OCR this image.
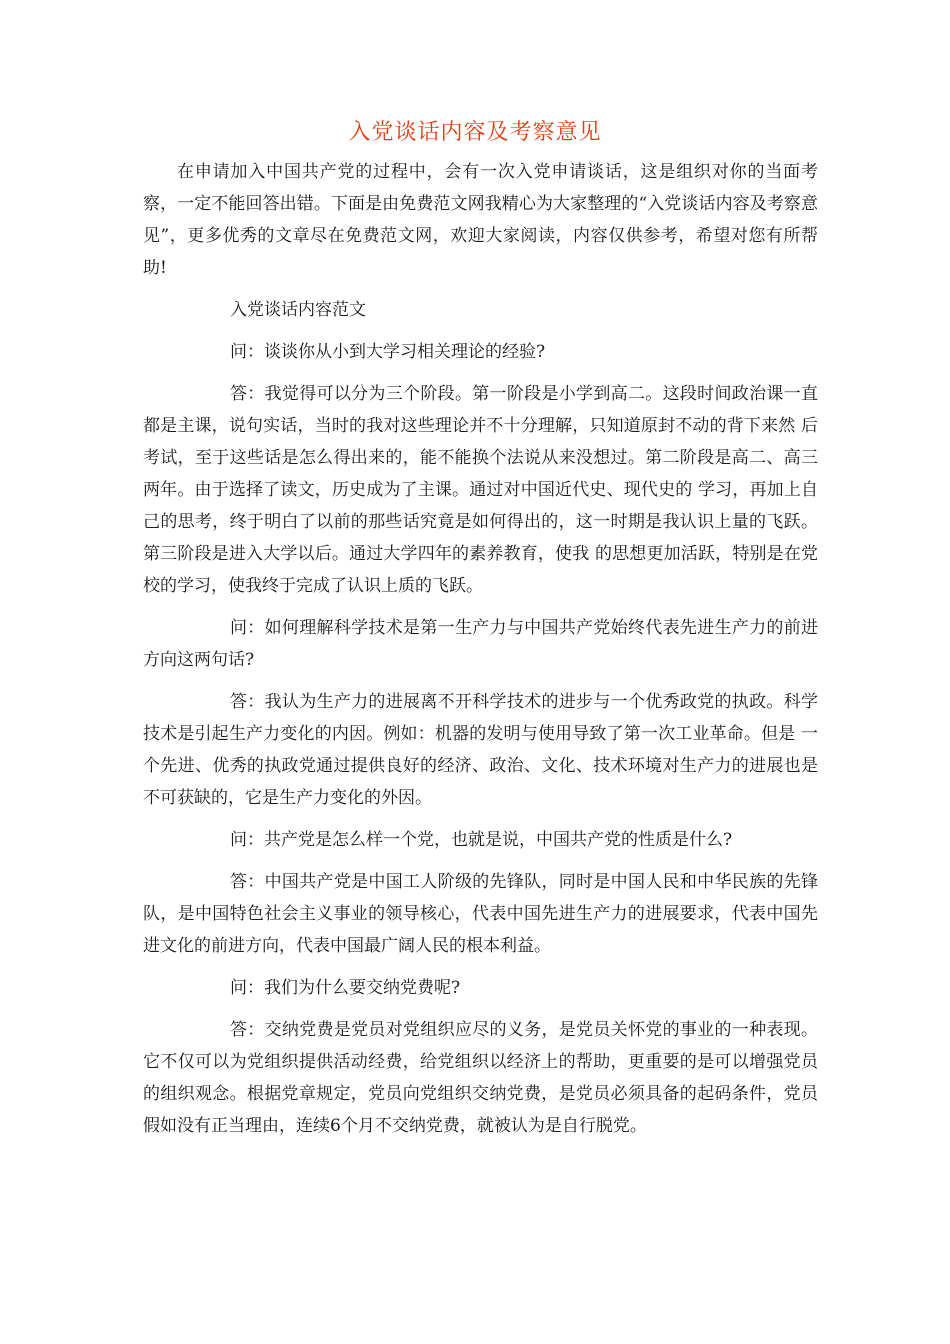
入党谈话内容及考察意见

在申请加入中国共产党的过程中，会有一次入党申请谈话，这是组织对你的当面考察，一定不能回答出错。下面是由免费范文网我精心为大家整理的“入党谈话内容及考察意见”，更多优秀的文章尽在免费范文网，欢迎大家阅读，内容仅供参考，希望对您有所帮助!

入党谈话内容范文

问：谈谈你从小到大学习相关理论的经验?

答：我觉得可以分为三个阶段。第一阶段是小学到高二。这段时间政治课一直都是主课，说句实话，当时的我对这些理论并不十分理解，只知道原封不动的背下来然 后考试，至于这些话是怎么得出来的，能不能换个法说从来没想过。第二阶段是高二、高三两年。由于选择了读文，历史成为了主课。通过对中国近代史、现代史的 学习，再加上自己的思考，终于明白了以前的那些话究竟是如何得出的，这一时期是我认识上量的飞跃。第三阶段是进入大学以后。通过大学四年的素养教育，使我 的思想更加活跃，特别是在党校的学习，使我终于完成了认识上质的飞跃。

问：如何理解科学技术是第一生产力与中国共产党始终代表先进生产力的前进方向这两句话?

答：我认为生产力的进展离不开科学技术的进步与一个优秀政党的执政。科学技术是引起生产力变化的内因。例如：机器的发明与使用导致了第一次工业革命。但是 一个先进、优秀的执政党通过提供良好的经济、政治、文化、技术环境对生产力的进展也是不可获缺的，它是生产力变化的外因。

问：共产党是怎么样一个党，也就是说，中国共产党的性质是什么?

答：中国共产党是中国工人阶级的先锋队，同时是中国人民和中华民族的先锋队，是中国特色社会主义事业的领导核心，代表中国先进生产力的进展要求，代表中国先进文化的前进方向，代表中国最广阔人民的根本利益。

问：我们为什么要交纳党费呢?

答：交纳党费是党员对党组织应尽的义务，是党员关怀党的事业的一种表现。它不仅可以为党组织提供活动经费，给党组织以经济上的帮助，更重要的是可以增强党员的组织观念。根据党章规定，党员向党组织交纳党费，是党员必须具备的起码条件，党员假如没有正当理由，连续6个月不交纳党费，就被认为是自行脱党。
